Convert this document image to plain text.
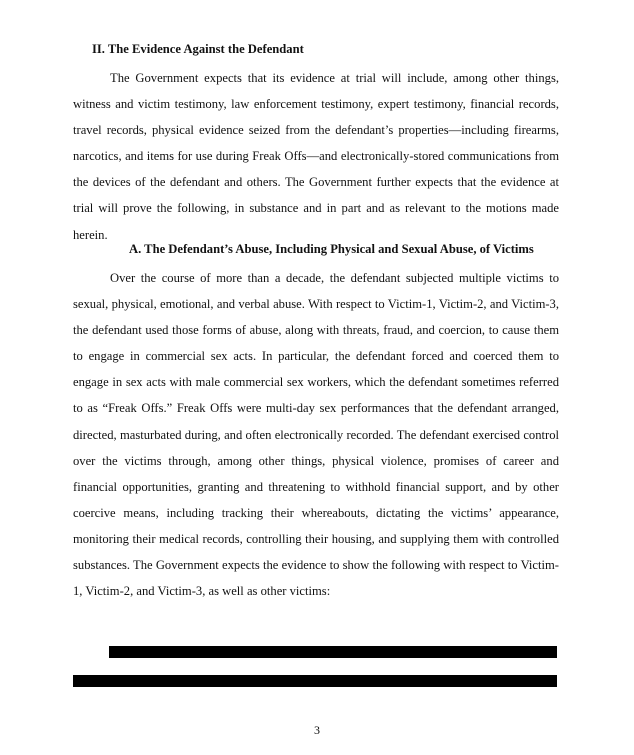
II. The Evidence Against the Defendant

The Government expects that its evidence at trial will include, among other things, witness and victim testimony, law enforcement testimony, expert testimony, financial records, travel records, physical evidence seized from the defendant’s properties—including firearms, narcotics, and items for use during Freak Offs—and electronically-stored communications from the devices of the defendant and others. The Government further expects that the evidence at trial will prove the following, in substance and in part and as relevant to the motions made herein.

A. The Defendant’s Abuse, Including Physical and Sexual Abuse, of Victims

Over the course of more than a decade, the defendant subjected multiple victims to sexual, physical, emotional, and verbal abuse. With respect to Victim-1, Victim-2, and Victim-3, the defendant used those forms of abuse, along with threats, fraud, and coercion, to cause them to engage in commercial sex acts. In particular, the defendant forced and coerced them to engage in sex acts with male commercial sex workers, which the defendant sometimes referred to as “Freak Offs.” Freak Offs were multi-day sex performances that the defendant arranged, directed, masturbated during, and often electronically recorded. The defendant exercised control over the victims through, among other things, physical violence, promises of career and financial opportunities, granting and threatening to withhold financial support, and by other coercive means, including tracking their whereabouts, dictating the victims’ appearance, monitoring their medical records, controlling their housing, and supplying them with controlled substances. The Government expects the evidence to show the following with respect to Victim-1, Victim-2, and Victim-3, as well as other victims:

3
